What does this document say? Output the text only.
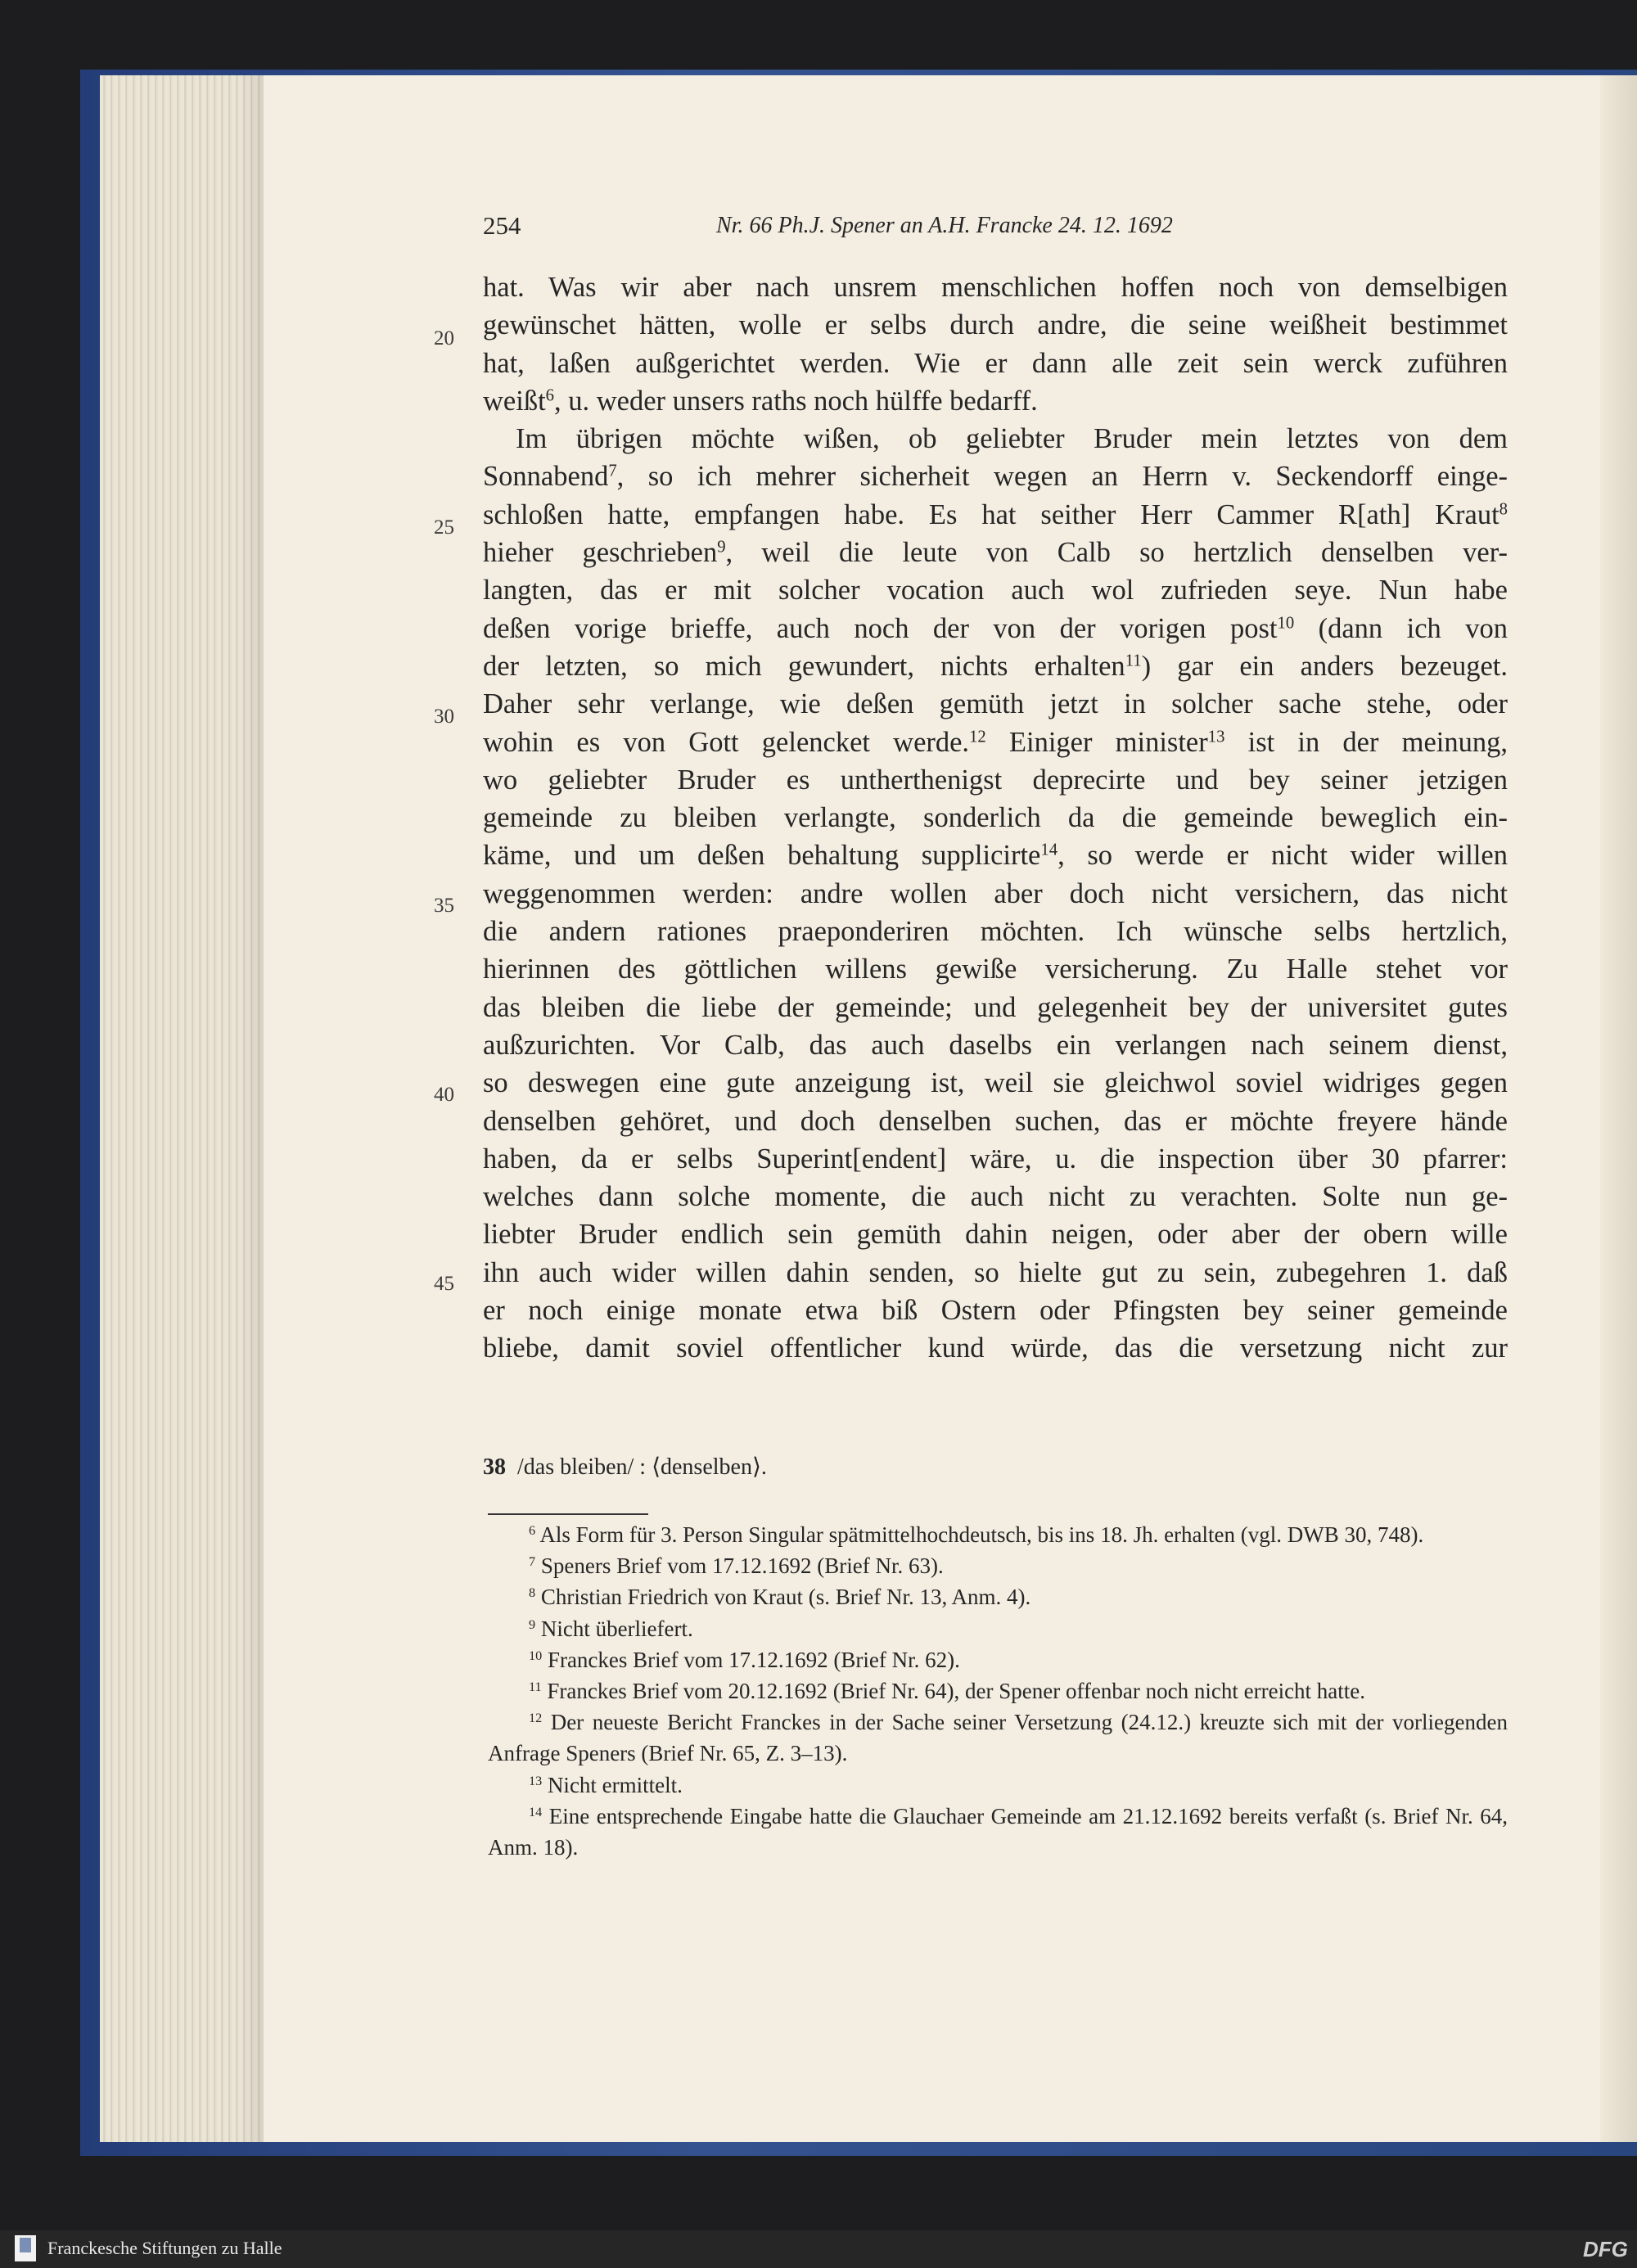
254	Nr. 66 Ph.J. Spener an A.H. Francke 24. 12. 1692
20
25
30
35
40
45
hat. Was wir aber nach unsrem menschlichen hoffen noch von demselbigen
gewünschet hätten, wolle er selbs durch andre, die seine weißheit bestimmet
hat, laßen außgerichtet werden. Wie er dann alle zeit sein werck zuführen
weißt$^6$, u. weder unsers raths noch hülffe bedarff.
Im übrigen möchte wißen, ob geliebter Bruder mein letztes von dem
Sonnabend$^7$, so ich mehrer sicherheit wegen an Herrn v. Seckendorff einge-
schloßen hatte, empfangen habe. Es hat seither Herr Cammer R[ath] Kraut$^8$
hieher geschrieben$^9$, weil die leute von Calb so hertzlich denselben ver-
langten, das er mit solcher vocation auch wol zufrieden seye. Nun habe
deßen vorige brieffe, auch noch der von der vorigen post$^{10}$ (dann ich von
der letzten, so mich gewundert, nichts erhalten$^{11}$) gar ein anders bezeuget.
Daher sehr verlange, wie deßen gemüth jetzt in solcher sache stehe, oder
wohin es von Gott gelencket werde.$^{12}$ Einiger minister$^{13}$ ist in der meinung,
wo geliebter Bruder es untherthenigst deprecirte und bey seiner jetzigen
gemeinde zu bleiben verlangte, sonderlich da die gemeinde beweglich ein-
käme, und um deßen behaltung supplicirte$^{14}$, so werde er nicht wider willen
weggenommen werden: andre wollen aber doch nicht versichern, das nicht
die andern rationes praeponderiren möchten. Ich wünsche selbs hertzlich,
hierinnen des göttlichen willens gewiße versicherung. Zu Halle stehet vor
das bleiben die liebe der gemeinde; und gelegenheit bey der universitet gutes
außzurichten. Vor Calb, das auch daselbs ein verlangen nach seinem dienst,
so deswegen eine gute anzeigung ist, weil sie gleichwol soviel widriges gegen
denselben gehöret, und doch denselben suchen, das er möchte freyere hände
haben, da er selbs Superint[endent] wäre, u. die inspection über 30 pfarrer:
welches dann solche momente, die auch nicht zu verachten. Solte nun ge-
liebter Bruder endlich sein gemüth dahin neigen, oder aber der obern wille
ihn auch wider willen dahin senden, so hielte gut zu sein, zubegehren 1. daß
er noch einige monate etwa biß Ostern oder Pfingsten bey seiner gemeinde
bliebe, damit soviel offentlicher kund würde, das die versetzung nicht zur
38 /das bleiben/ : ⟨denselben⟩.
$^6$ Als Form für 3. Person Singular spätmittelhochdeutsch, bis ins 18. Jh. erhalten (vgl. DWB 30, 748).
$^7$ Speners Brief vom 17.12.1692 (Brief Nr. 63).
$^8$ Christian Friedrich von Kraut (s. Brief Nr. 13, Anm. 4).
$^9$ Nicht überliefert.
$^{10}$ Franckes Brief vom 17.12.1692 (Brief Nr. 62).
$^{11}$ Franckes Brief vom 20.12.1692 (Brief Nr. 64), der Spener offenbar noch nicht erreicht hatte.
$^{12}$ Der neueste Bericht Franckes in der Sache seiner Versetzung (24.12.) kreuzte sich mit der vorliegenden Anfrage Speners (Brief Nr. 65, Z. 3–13).
$^{13}$ Nicht ermittelt.
$^{14}$ Eine entsprechende Eingabe hatte die Glauchaer Gemeinde am 21.12.1692 bereits verfaßt (s. Brief Nr. 64, Anm. 18).
Franckesche Stiftungen zu Halle	DFG
